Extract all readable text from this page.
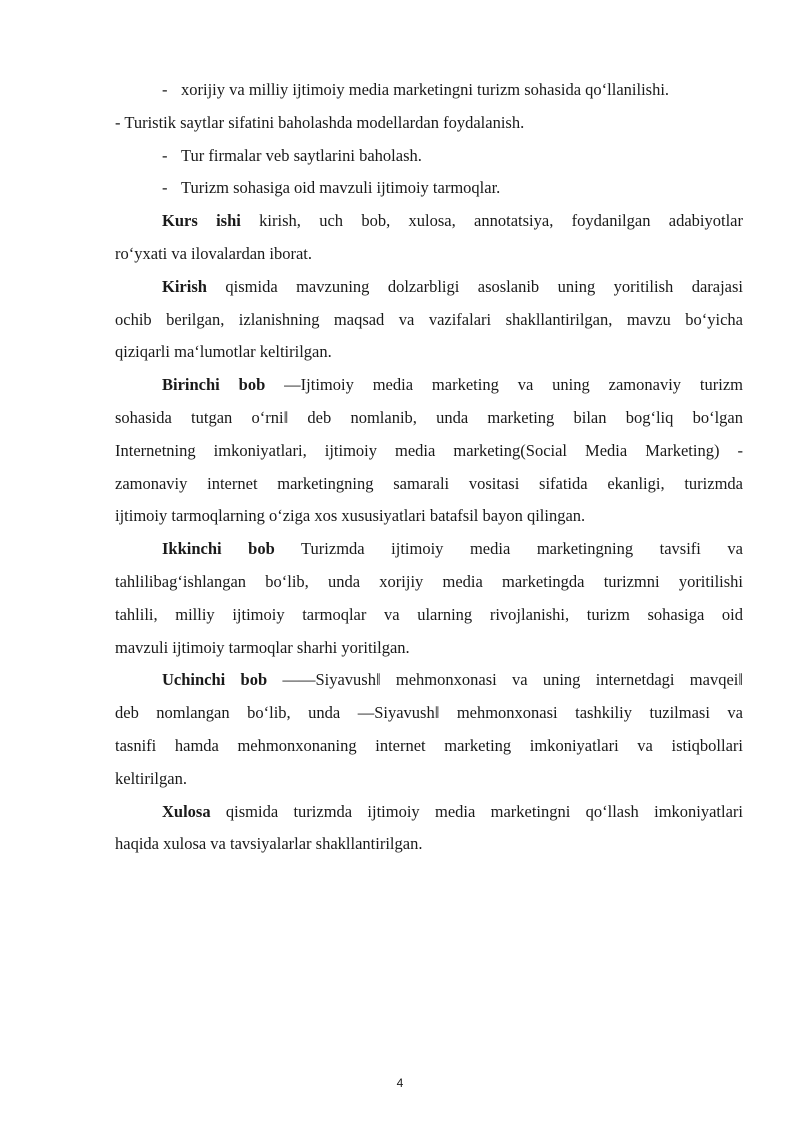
- xorijiy va milliy ijtimoiy media marketingni turizm sohasida qo‘llanilishi.
- Turistik saytlar sifatini baholashda modellardan foydalanish.
- Tur firmalar veb saytlarini baholash.
- Turizm sohasiga oid mavzuli ijtimoiy tarmoqlar.
Kurs ishi kirish, uch bob, xulosa, annotatsiya, foydanilgan adabiyotlar
ro‘yxati va ilovalardan iborat.
Kirish qismida mavzuning dolzarbligi asoslanib uning yoritilish darajasi
ochib berilgan, izlanishning maqsad va vazifalari shakllantirilgan, mavzu bo‘yicha
qiziqarli ma‘lumotlar keltirilgan.
Birinchi bob ―Ijtimoiy media marketing va uning zamonaviy turizm
sohasida tutgan o‘rni‖ deb nomlanib, unda marketing bilan bog‘liq bo‘lgan
Internetning imkoniyatlari, ijtimoiy media marketing(Social Media Marketing) -
zamonaviy internet marketingning samarali vositasi sifatida ekanligi, turizmda
ijtimoiy tarmoqlarning o‘ziga xos xususiyatlari batafsil bayon qilingan.
Ikkinchi bob Turizmda ijtimoiy media marketingning tavsifi va
tahlilibag‘ishlangan bo‘lib, unda xorijiy media marketingda turizmni yoritilishi
tahlili, milliy ijtimoiy tarmoqlar va ularning rivojlanishi, turizm sohasiga oid
mavzuli ijtimoiy tarmoqlar sharhi yoritilgan.
Uchinchi bob ――Siyavush‖ mehmonxonasi va uning internetdagi mavqei‖
deb nomlangan bo‘lib, unda ―Siyavush‖ mehmonxonasi tashkiliy tuzilmasi va
tasnifi hamda mehmonxonaning internet marketing imkoniyatlari va istiqbollari
keltirilgan.
Xulosa qismida turizmda ijtimoiy media marketingni qo‘llash imkoniyatlari
haqida xulosa va tavsiyalarlar shakllantirilgan.
4
